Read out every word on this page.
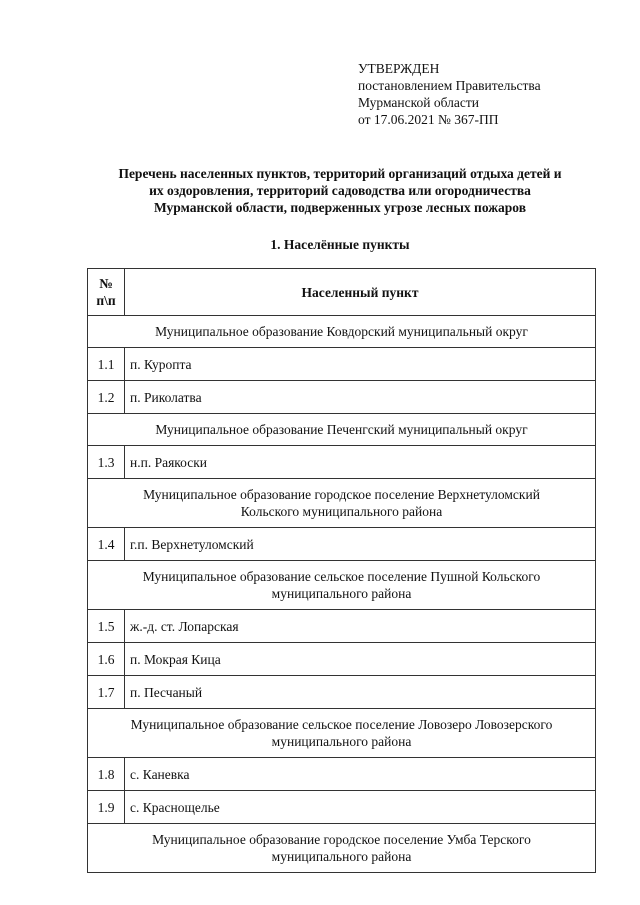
УТВЕРЖДЕН
постановлением Правительства
Мурманской области
от 17.06.2021 № 367-ПП
Перечень населенных пунктов, территорий организаций отдыха детей и
их оздоровления, территорий садоводства или огородничества
Мурманской области, подверженных угрозе лесных пожаров
1. Населённые пункты
№
п\п	Населенный пункт

Муниципальное образование Ковдорский муниципальный округ	

1.1	п. Куропта
1.2	п. Риколатва

Муниципальное образование Печенгский муниципальный округ	

1.3	н.п. Раякоски

Муниципальное образование городское поселение Верхнетуломский
Кольского муниципального района	

1.4	г.п. Верхнетуломский

Муниципальное образование сельское поселение Пушной Кольского
муниципального района	

1.5	ж.-д. ст. Лопарская
1.6	п. Мокрая Кица
1.7	п. Песчаный

Муниципальное образование сельское поселение Ловозеро Ловозерского
муниципального района	

1.8	с. Каневка
1.9	с. Краснощелье

Муниципальное образование городское поселение Умба Терского
муниципального района	
